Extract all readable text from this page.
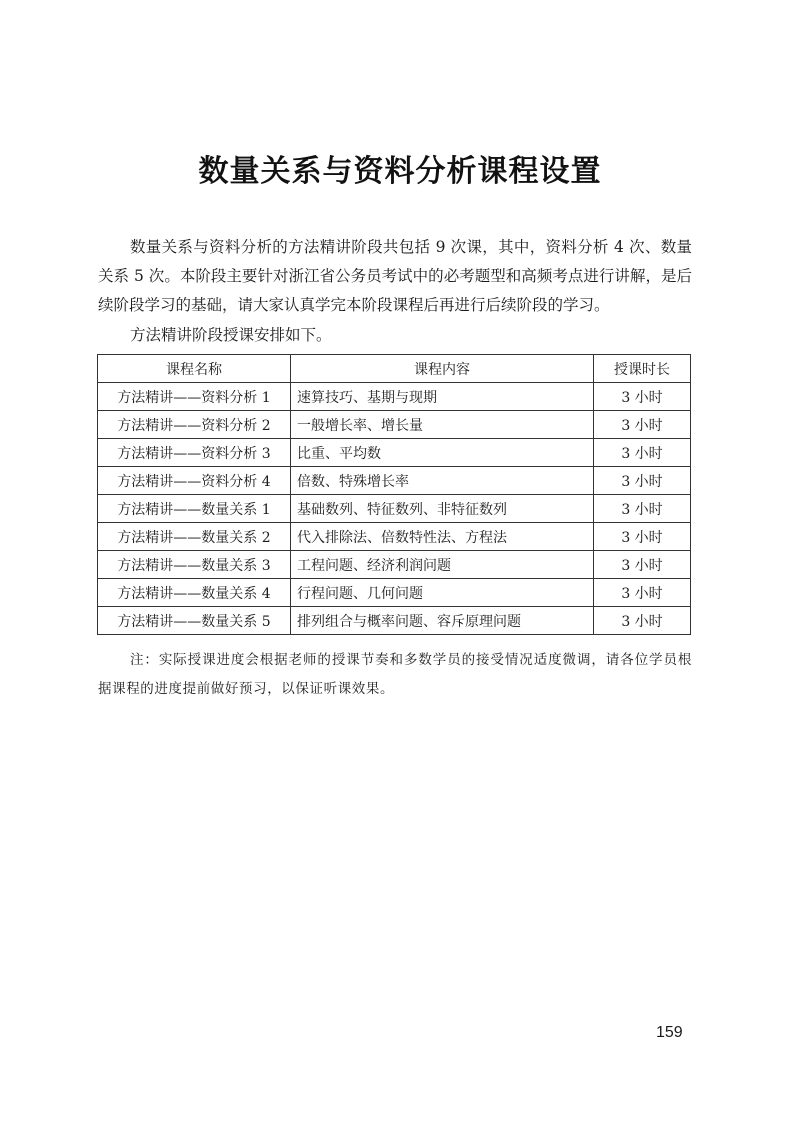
数量关系与资料分析课程设置

数量关系与资料分析的方法精讲阶段共包括 9 次课，其中，资料分析 4 次、数量关系 5 次。本阶段主要针对浙江省公务员考试中的必考题型和高频考点进行讲解，是后续阶段学习的基础，请大家认真学完本阶段课程后再进行后续阶段的学习。

方法精讲阶段授课安排如下。

课程名称	课程内容	授课时长
方法精讲——资料分析 1	速算技巧、基期与现期	3 小时
方法精讲——资料分析 2	一般增长率、增长量	3 小时
方法精讲——资料分析 3	比重、平均数	3 小时
方法精讲——资料分析 4	倍数、特殊增长率	3 小时
方法精讲——数量关系 1	基础数列、特征数列、非特征数列	3 小时
方法精讲——数量关系 2	代入排除法、倍数特性法、方程法	3 小时
方法精讲——数量关系 3	工程问题、经济利润问题	3 小时
方法精讲——数量关系 4	行程问题、几何问题	3 小时
方法精讲——数量关系 5	排列组合与概率问题、容斥原理问题	3 小时

注：实际授课进度会根据老师的授课节奏和多数学员的接受情况适度微调，请各位学员根据课程的进度提前做好预习，以保证听课效果。

159
